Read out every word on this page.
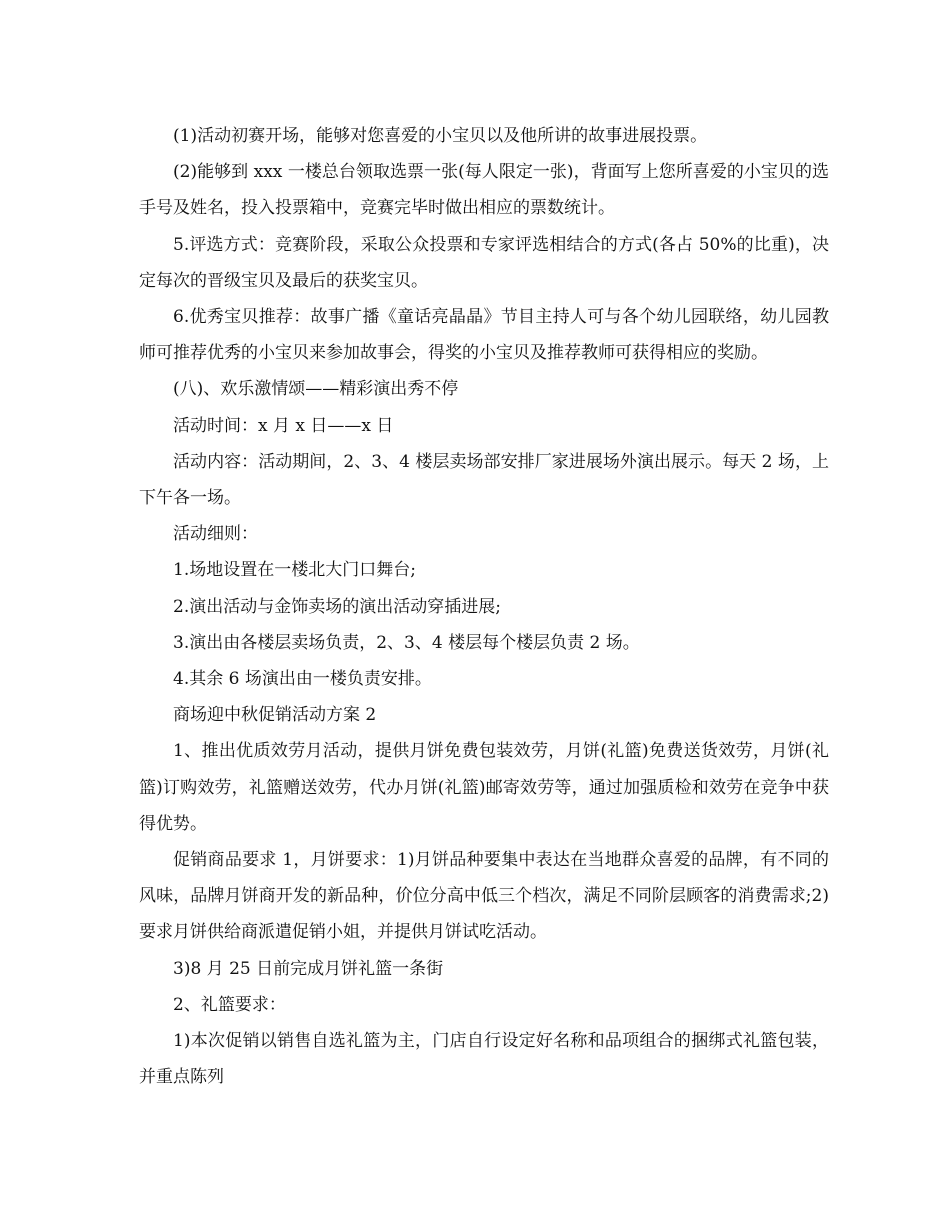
(1)活动初赛开场，能够对您喜爱的小宝贝以及他所讲的故事进展投票。

(2)能够到 xxx 一楼总台领取选票一张(每人限定一张)，背面写上您所喜爱的小宝贝的选手号及姓名，投入投票箱中，竞赛完毕时做出相应的票数统计。

5.评选方式：竞赛阶段，采取公众投票和专家评选相结合的方式(各占 50%的比重)，决定每次的晋级宝贝及最后的获奖宝贝。

6.优秀宝贝推荐：故事广播《童话亮晶晶》节目主持人可与各个幼儿园联络，幼儿园教师可推荐优秀的小宝贝来参加故事会，得奖的小宝贝及推荐教师可获得相应的奖励。

(八)、欢乐激情颂——精彩演出秀不停

活动时间：x 月 x 日——x 日

活动内容：活动期间，2、3、4 楼层卖场部安排厂家进展场外演出展示。每天 2 场，上下午各一场。

活动细则：

1.场地设置在一楼北大门口舞台;

2.演出活动与金饰卖场的演出活动穿插进展;

3.演出由各楼层卖场负责，2、3、4 楼层每个楼层负责 2 场。

4.其余 6 场演出由一楼负责安排。

商场迎中秋促销活动方案 2

1、推出优质效劳月活动，提供月饼免费包装效劳，月饼(礼篮)免费送货效劳，月饼(礼篮)订购效劳，礼篮赠送效劳，代办月饼(礼篮)邮寄效劳等，通过加强质检和效劳在竞争中获得优势。

促销商品要求 1，月饼要求：1)月饼品种要集中表达在当地群众喜爱的品牌，有不同的风味，品牌月饼商开发的新品种，价位分高中低三个档次，满足不同阶层顾客的消费需求;2)要求月饼供给商派遣促销小姐，并提供月饼试吃活动。

3)8 月 25 日前完成月饼礼篮一条街

2、礼篮要求：

1)本次促销以销售自选礼篮为主，门店自行设定好名称和品项组合的捆绑式礼篮包装，并重点陈列
